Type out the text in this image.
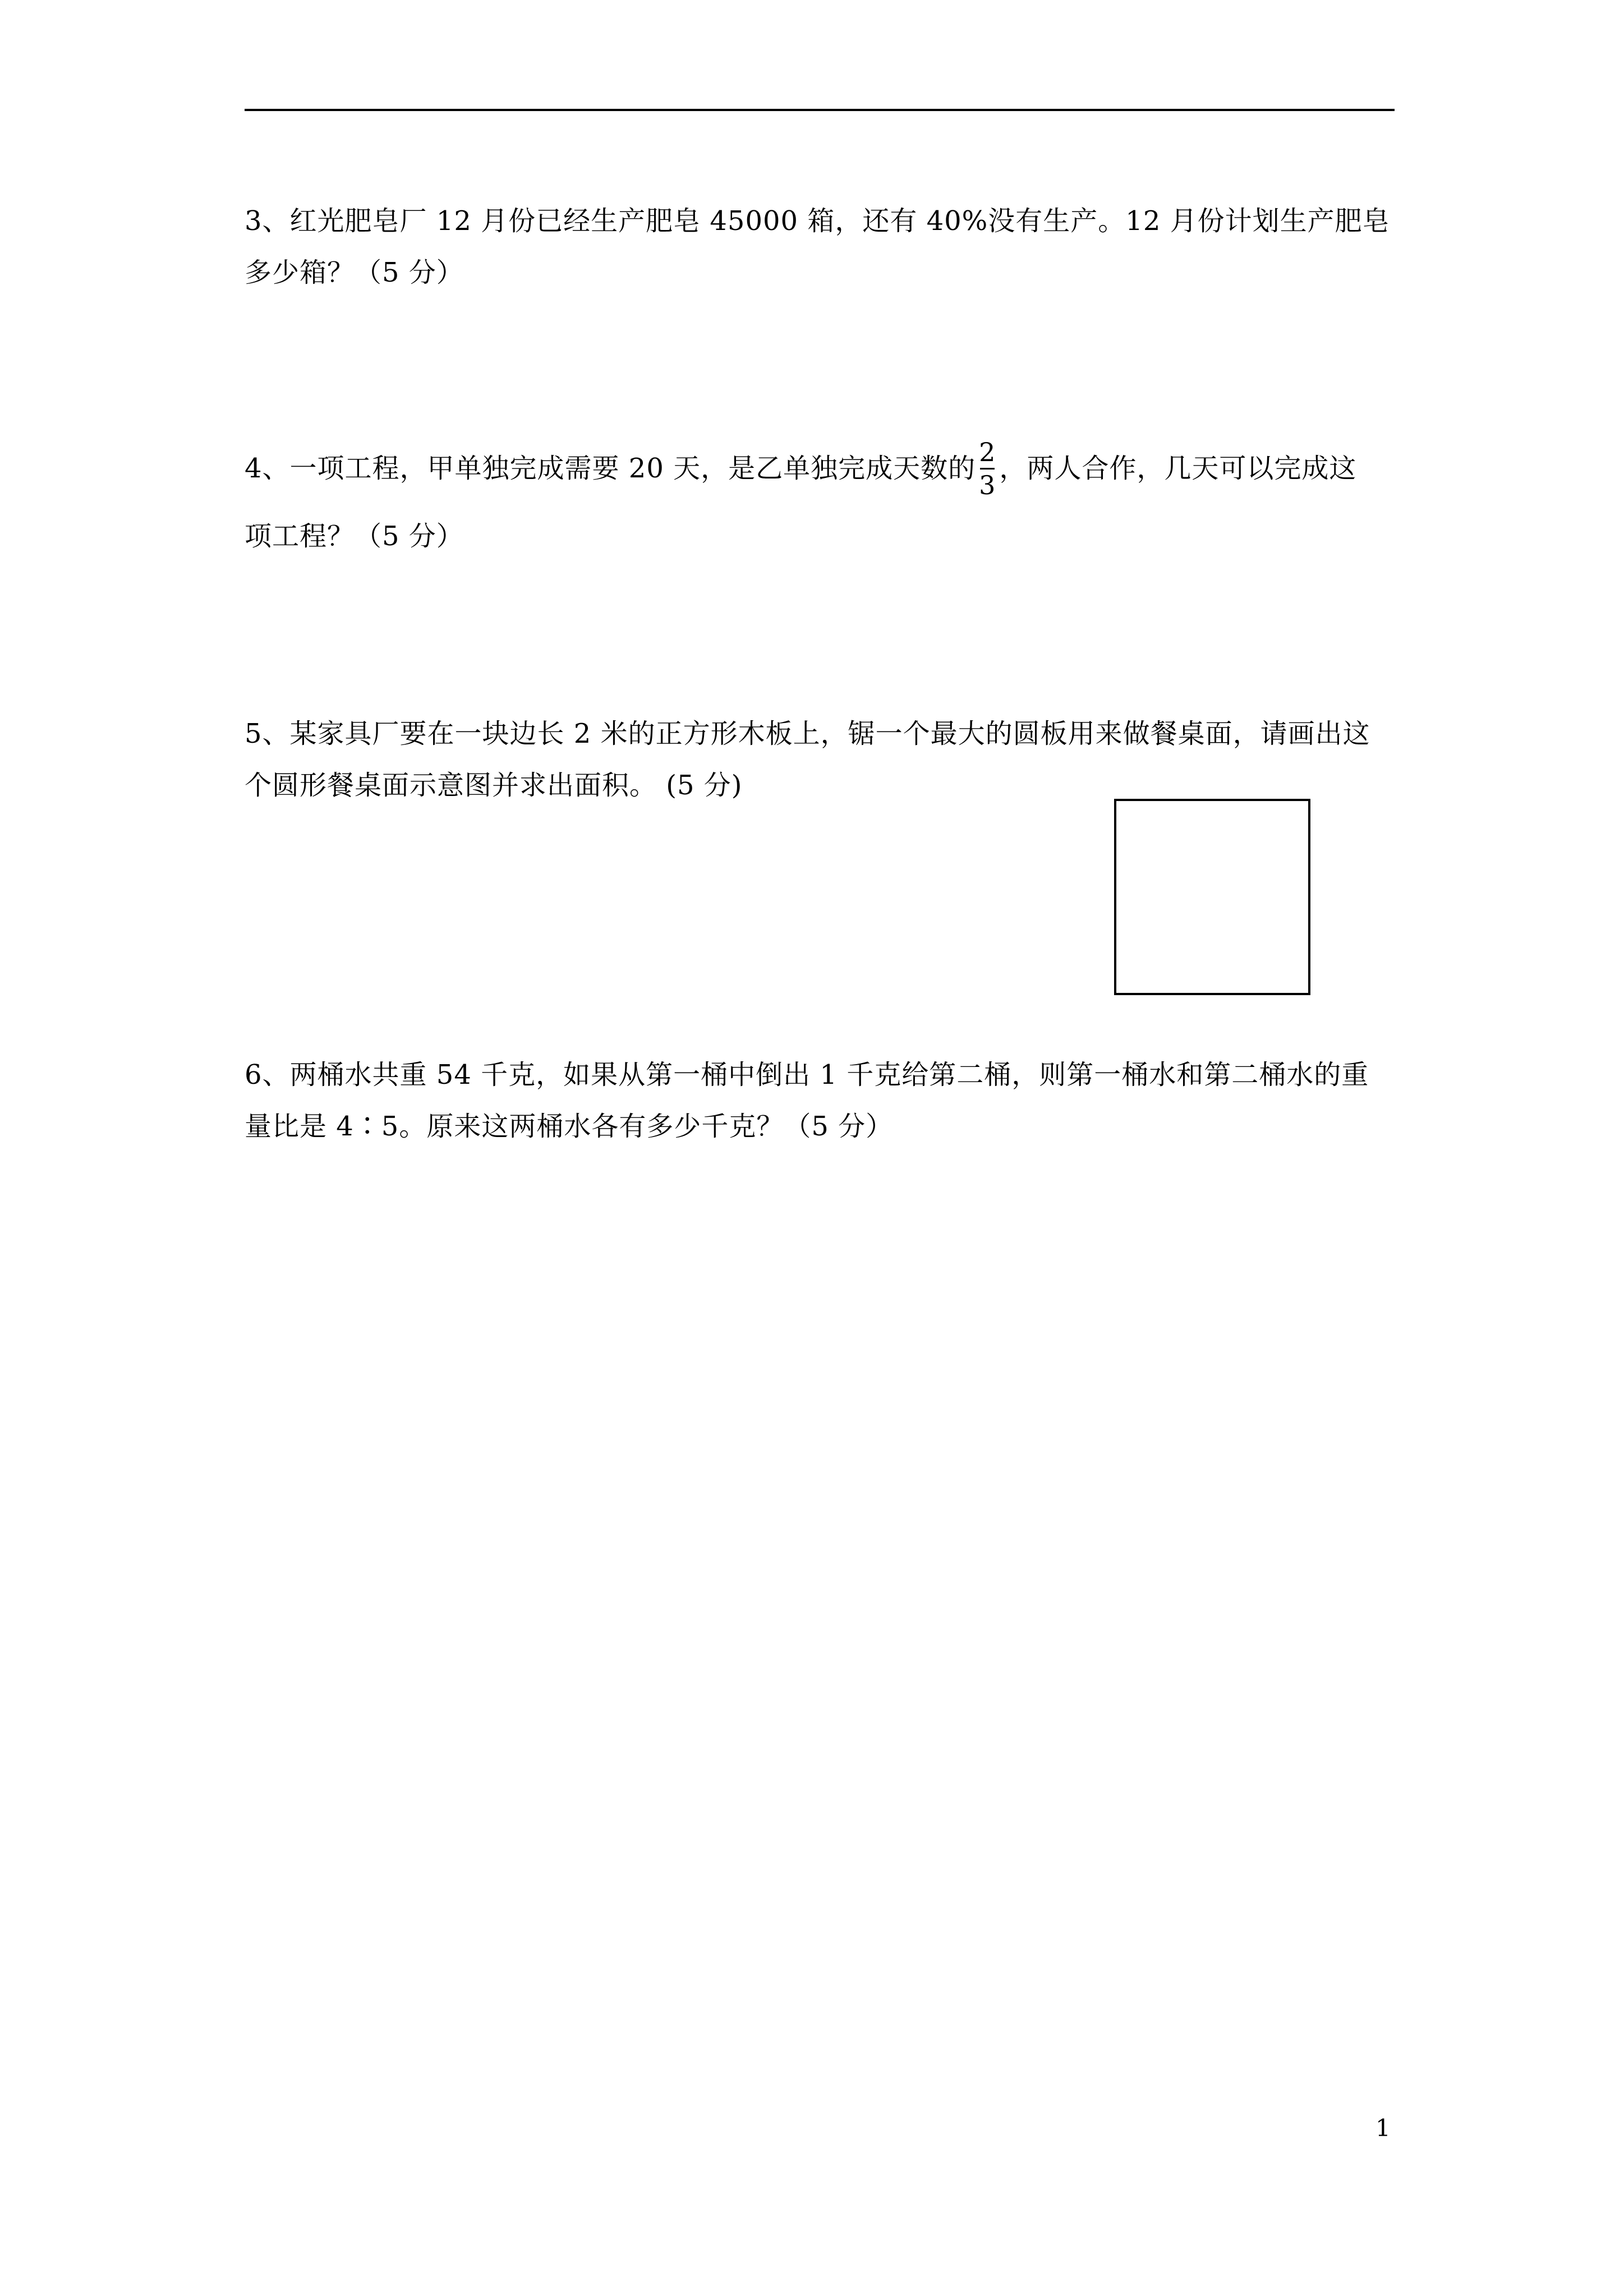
3、红光肥皂厂 12 月份已经生产肥皂 45000 箱，还有 40%没有生产。12 月份计划生产肥皂多少箱？（5 分）
4、一项工程，甲单独完成需要 20 天，是乙单独完成天数的 $\frac{2}{3}$ ，两人合作，几天可以完成这
项工程？（5 分）
5、某家具厂要在一块边长 2 米的正方形木板上，锯一个最大的圆板用来做餐桌面，请画出这个圆形餐桌面示意图并求出面积。 (5 分)
6、两桶水共重 54 千克，如果从第一桶中倒出 1 千克给第二桶，则第一桶水和第二桶水的重量比是 4∶5。原来这两桶水各有多少千克？（5 分）
1
